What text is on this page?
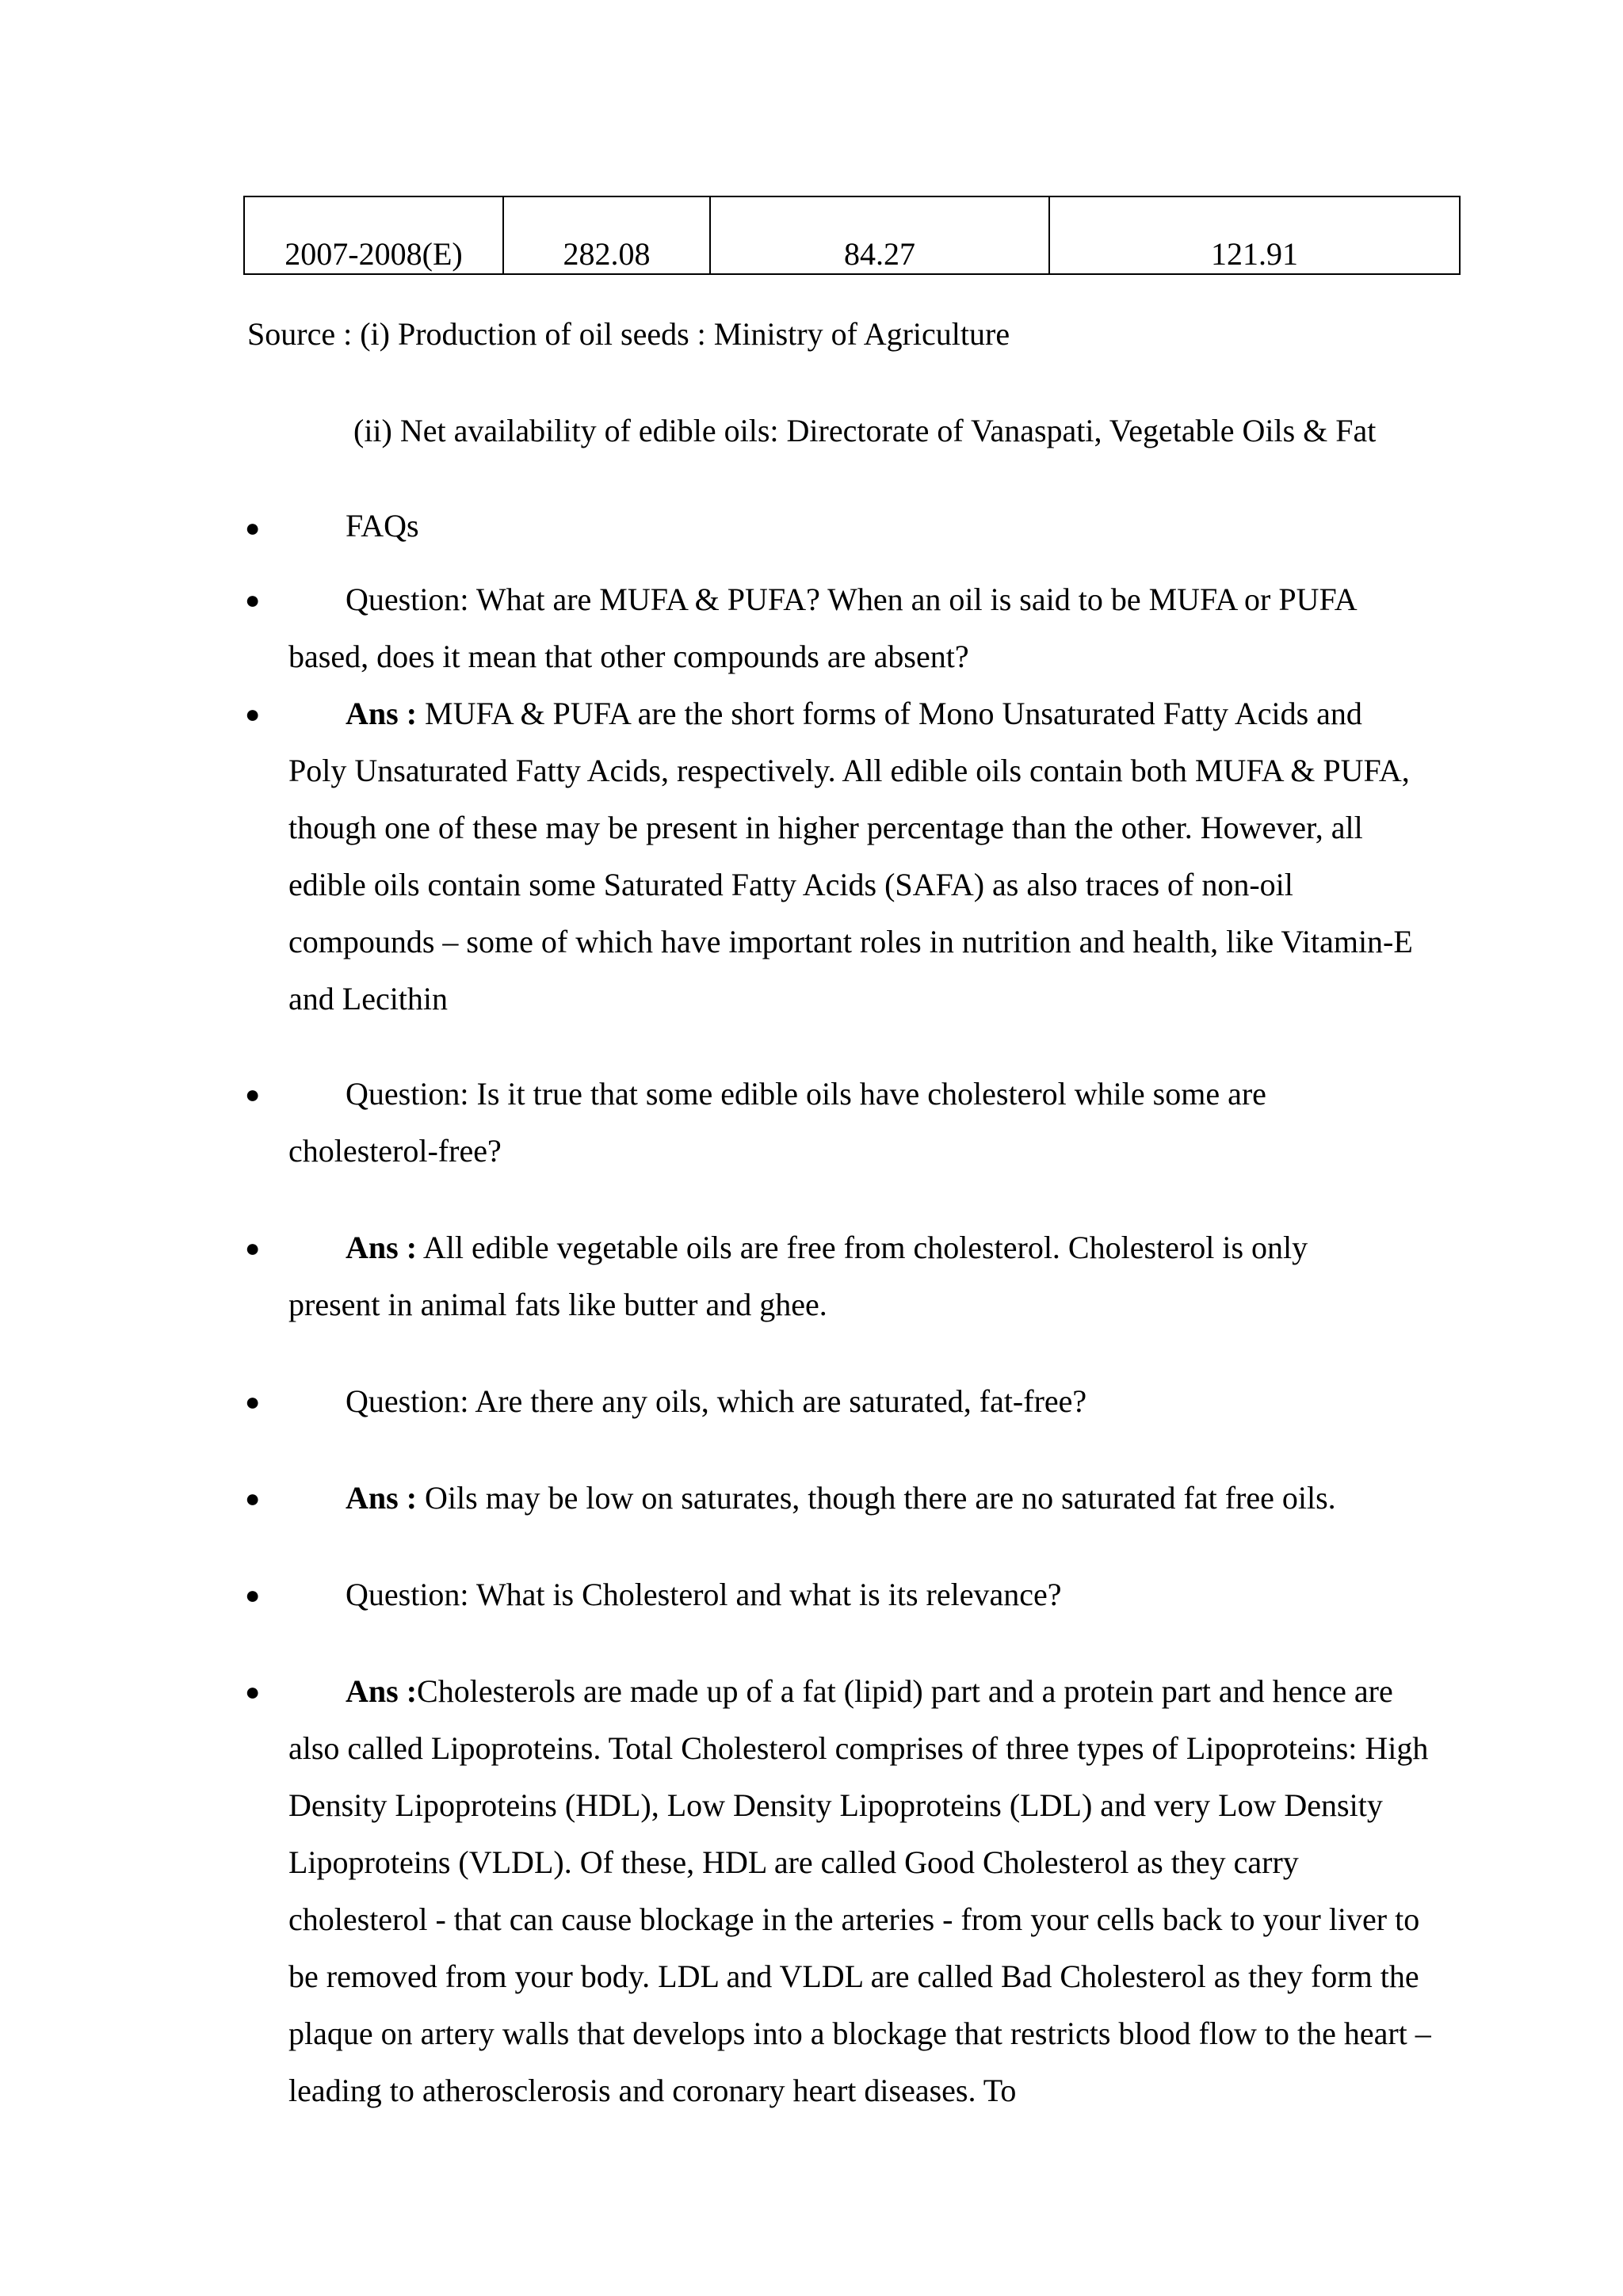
2007-2008(E)	282.08	84.27	121.91
Source : (i) Production of oil seeds : Ministry of Agriculture
(ii) Net availability of edible oils: Directorate of Vanaspati, Vegetable Oils & Fat
●	FAQs
●	Question: What are MUFA & PUFA? When an oil is said to be MUFA or PUFA
based, does it mean that other compounds are absent?
●	Ans : MUFA & PUFA are the short forms of Mono Unsaturated Fatty Acids and
Poly Unsaturated Fatty Acids, respectively. All edible oils contain both MUFA & PUFA, though one of these may be present in higher percentage than the other. However, all edible oils contain some Saturated Fatty Acids (SAFA) as also traces of non-oil compounds – some of which have important roles in nutrition and health, like Vitamin-E and Lecithin
●	Question: Is it true that some edible oils have cholesterol while some are
cholesterol-free?
●	Ans : All edible vegetable oils are free from cholesterol. Cholesterol is only
present in animal fats like butter and ghee.
●	Question: Are there any oils, which are saturated, fat-free?
●	Ans : Oils may be low on saturates, though there are no saturated fat free oils.
●	Question: What is Cholesterol and what is its relevance?
●	Ans :Cholesterols are made up of a fat (lipid) part and a protein part and hence are
also called Lipoproteins. Total Cholesterol comprises of three types of Lipoproteins: High Density Lipoproteins (HDL), Low Density Lipoproteins (LDL) and very Low Density Lipoproteins (VLDL). Of these, HDL are called Good Cholesterol as they carry cholesterol - that can cause blockage in the arteries - from your cells back to your liver to be removed from your body. LDL and VLDL are called Bad Cholesterol as they form the plaque on artery walls that develops into a blockage that restricts blood flow to the heart – leading to atherosclerosis and coronary heart diseases. To
